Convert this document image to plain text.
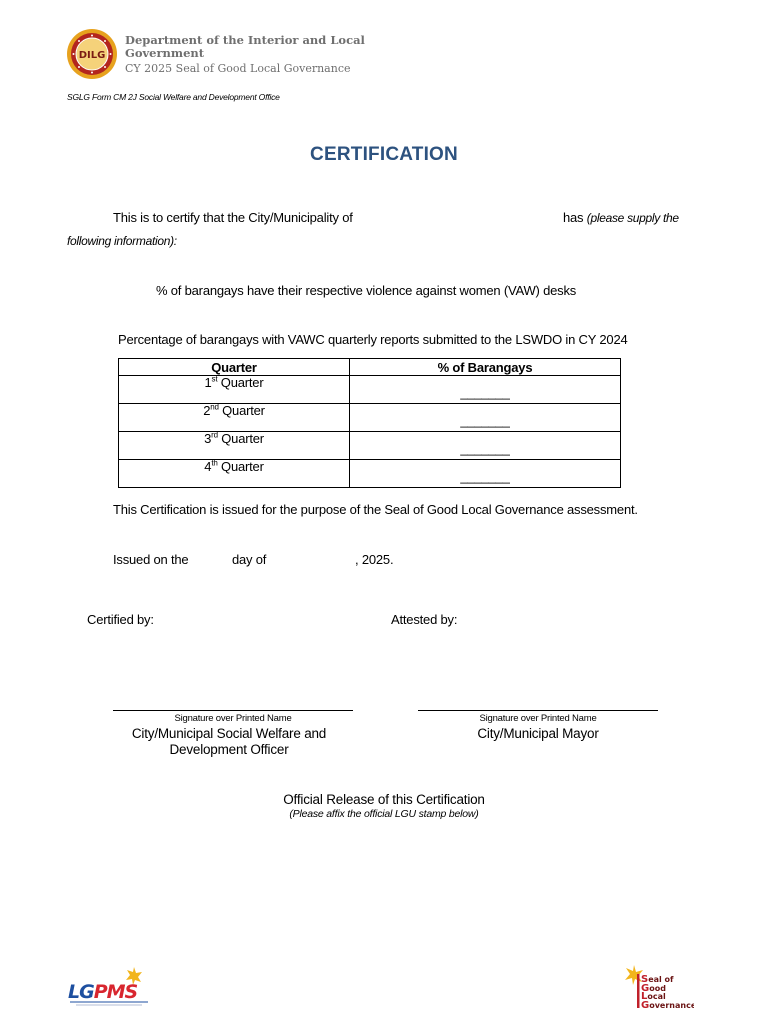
DILG
Department of the Interior and Local Government
CY 2025 Seal of Good Local Governance
SGLG Form CM 2J Social Welfare and Development Office
CERTIFICATION
This is to certify that the City/Municipality of	has (please supply the
following information):
% of barangays have their respective violence against women (VAW) desks
Percentage of barangays with VAWC quarterly reports submitted to the LSWDO in CY 2024
Quarter	% of Barangays
1st Quarter	_______
2nd Quarter	_______
3rd Quarter	_______
4th Quarter	_______
This Certification is issued for the purpose of the Seal of Good Local Governance assessment.
Issued on the	day of	, 2025.
Certified by:	Attested by:
Signature over Printed Name
City/Municipal Social Welfare and
Development Officer
Signature over Printed Name
City/Municipal Mayor
Official Release of this Certification
(Please affix the official LGU stamp below)
LGPMS
Seal of
Good
Local
Governance
